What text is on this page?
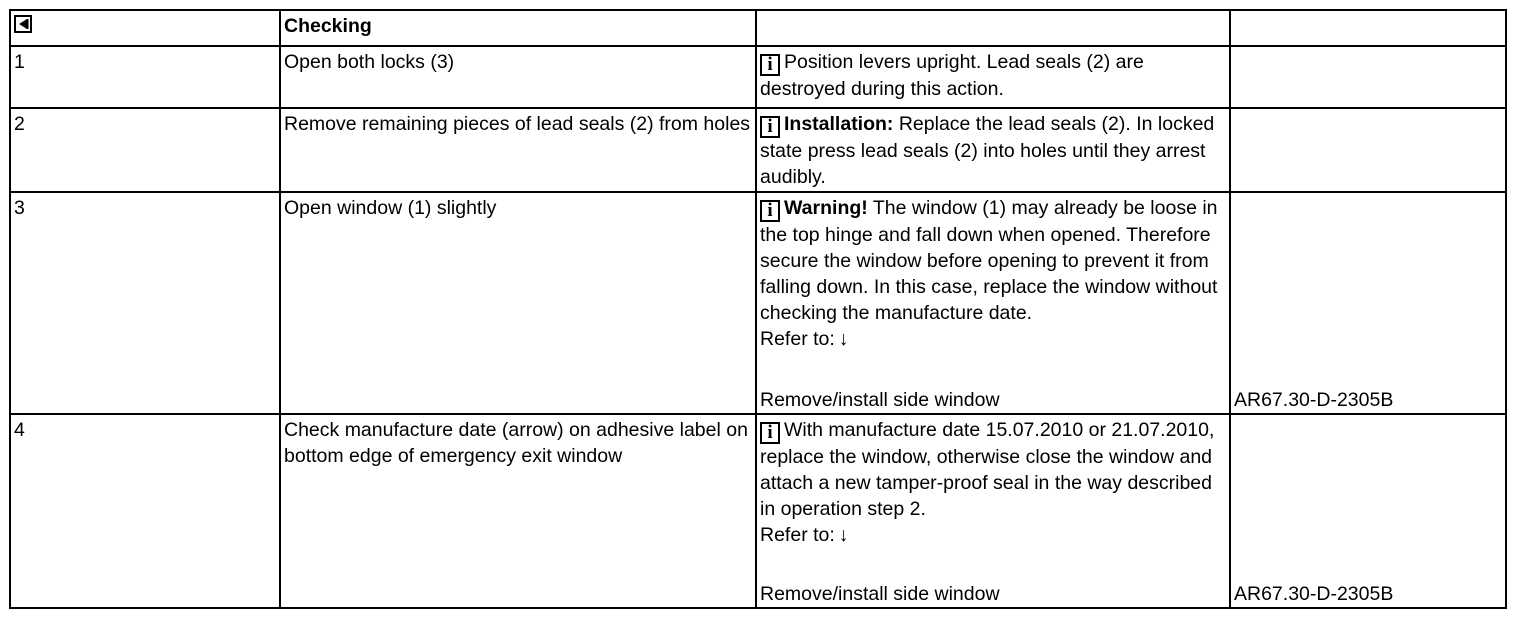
	Checking		
1	Open both locks (3)	i Position levers upright. Lead seals (2) are destroyed during this action.	
2	Remove remaining pieces of lead seals (2) from holes	i Installation: Replace the lead seals (2). In locked state press lead seals (2) into holes until they arrest audibly.	
3	Open window (1) slightly	i Warning! The window (1) may already be loose in the top hinge and fall down when opened. Therefore secure the window before opening to prevent it from falling down. In this case, replace the window without checking the manufacture date.
Refer to: ↓
Remove/install side window	AR67.30-D-2305B

4	Check manufacture date (arrow) on adhesive label on bottom edge of emergency exit window	i With manufacture date 15.07.2010 or 21.07.2010, replace the window, otherwise close the window and attach a new tamper-proof seal in the way described in operation step 2.
Refer to: ↓
Remove/install side window	AR67.30-D-2305B
